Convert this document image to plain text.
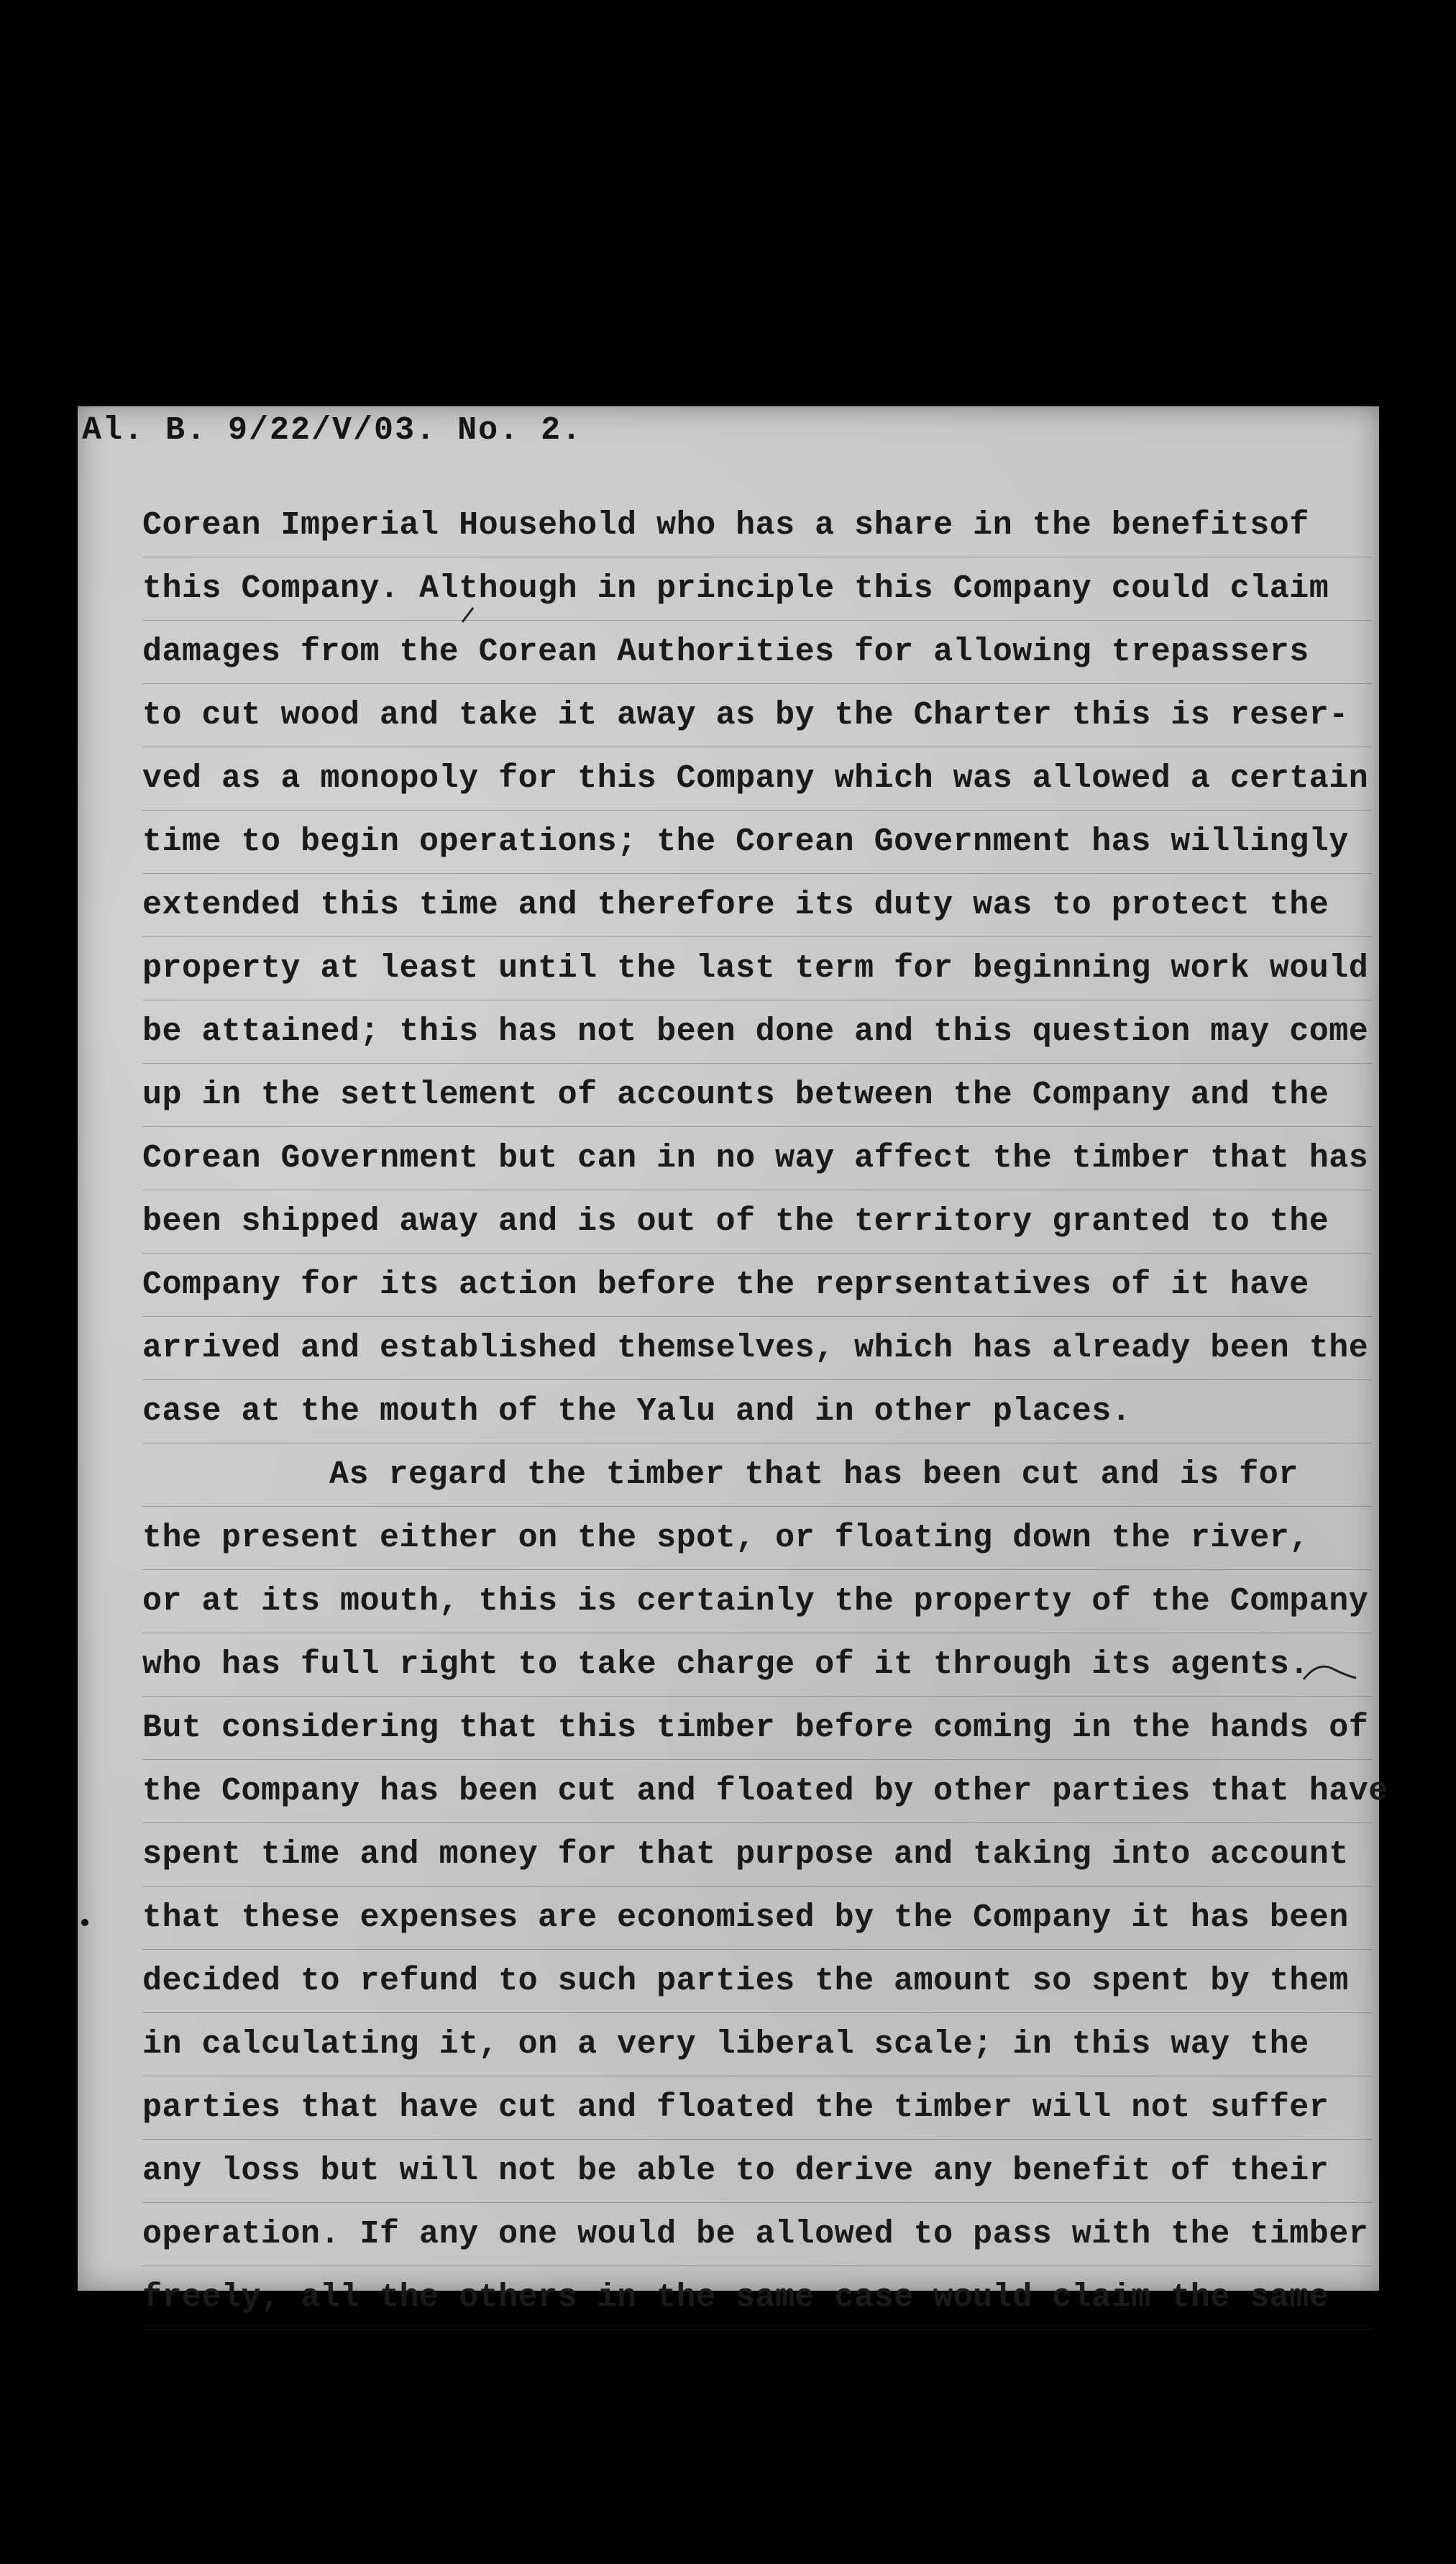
Al. B. 9/22/V/03. No. 2.
Corean Imperial Household who has a share in the benefitsof
this Company. Although in principle this Company could claim
damages from the Corean Authorities for allowing trepassers
to cut wood and take it away as by the Charter this is reser-
ved as a monopoly for this Company which was allowed a certain
time to begin operations; the Corean Government has willingly
extended this time and therefore its duty was to protect the
property at least until the last term for beginning work would
be attained; this has not been done and this question may come
up in the settlement of accounts between the Company and the
Corean Government but can in no way affect the timber that has
been shipped away and is out of the territory granted to the
Company for its action before the reprsentatives of it have
arrived and established themselves, which has already been the
case at the mouth of the Yalu and in other places.
As regard the timber that has been cut and is for
the present either on the spot, or floating down the river,
or at its mouth, this is certainly the property of the Company
who has full right to take charge of it through its agents.
But considering that this timber before coming in the hands of
the Company has been cut and floated by other parties that have
spent time and money for that purpose and taking into account
that these expenses are economised by the Company it has been
decided to refund to such parties the amount so spent by them
in calculating it, on a very liberal scale; in this way the
parties that have cut and floated the timber will not suffer
any loss but will not be able to derive any benefit of their
operation. If any one would be allowed to pass with the timber
freely, all the others in the same case would claim the same
